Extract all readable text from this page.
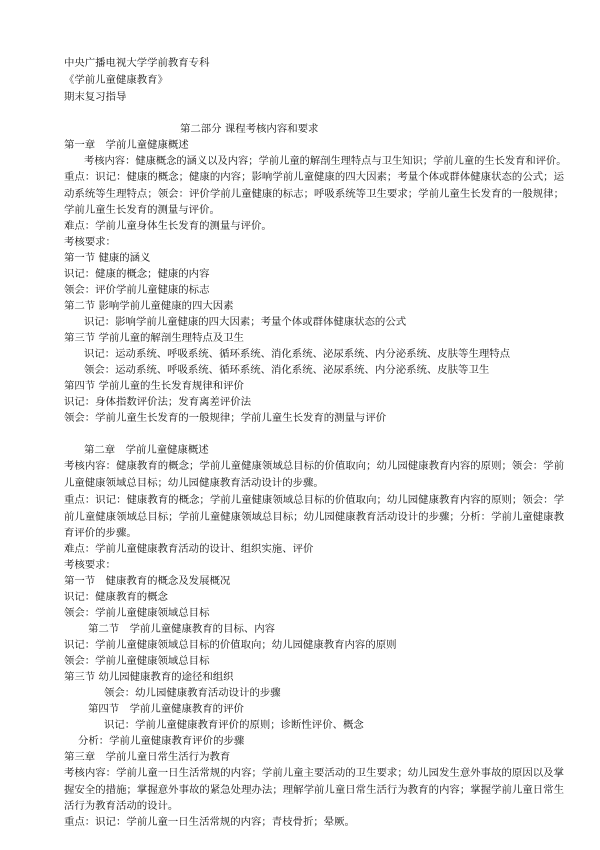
中央广播电视大学学前教育专科

《学前儿童健康教育》

期末复习指导

第二部分 课程考核内容和要求

第一章　学前儿童健康概述

考核内容：健康概念的涵义以及内容；学前儿童的解剖生理特点与卫生知识；学前儿童的生长发育和评价。

重点：识记：健康的概念；健康的内容；影响学前儿童健康的四大因素；考量个体或群体健康状态的公式；运动系统等生理特点；领会：评价学前儿童健康的标志；呼吸系统等卫生要求；学前儿童生长发育的一般规律；学前儿童生长发育的测量与评价。

难点：学前儿童身体生长发育的测量与评价。

考核要求：

第一节 健康的涵义

识记：健康的概念；健康的内容

领会：评价学前儿童健康的标志

第二节 影响学前儿童健康的四大因素

识记：影响学前儿童健康的四大因素；考量个体或群体健康状态的公式

第三节 学前儿童的解剖生理特点及卫生

识记：运动系统、呼吸系统、循环系统、消化系统、泌尿系统、内分泌系统、皮肤等生理特点

领会：运动系统、呼吸系统、循环系统、消化系统、泌尿系统、内分泌系统、皮肤等卫生

第四节 学前儿童的生长发育规律和评价

识记：身体指数评价法；发育离差评价法

领会：学前儿童生长发育的一般规律；学前儿童生长发育的测量与评价

第二章　学前儿童健康概述

考核内容：健康教育的概念；学前儿童健康领域总目标的价值取向；幼儿园健康教育内容的原则；领会：学前儿童健康领域总目标；幼儿园健康教育活动设计的步骤。

重点：识记：健康教育的概念；学前儿童健康领域总目标的价值取向；幼儿园健康教育内容的原则；领会：学前儿童健康领域总目标；学前儿童健康领域总目标；幼儿园健康教育活动设计的步骤；分析：学前儿童健康教育评价的步骤。

难点：学前儿童健康教育活动的设计、组织实施、评价

考核要求：

第一节　健康教育的概念及发展概况

识记：健康教育的概念

领会：学前儿童健康领域总目标

第二节　学前儿童健康教育的目标、内容

识记：学前儿童健康领域总目标的价值取向；幼儿园健康教育内容的原则

领会：学前儿童健康领域总目标

第三节 幼儿园健康教育的途径和组织

领会：幼儿园健康教育活动设计的步骤

第四节　学前儿童健康教育的评价

识记：学前儿童健康教育评价的原则；诊断性评价、概念

分析：学前儿童健康教育评价的步骤

第三章　学前儿童日常生活行为教育

考核内容：学前儿童一日生活常规的内容；学前儿童主要活动的卫生要求；幼儿园发生意外事故的原因以及掌握安全的措施；掌握意外事故的紧急处理办法；理解学前儿童日常生活行为教育的内容；掌握学前儿童日常生活行为教育活动的设计。

重点：识记：学前儿童一日生活常规的内容；青枝骨折；晕厥。
